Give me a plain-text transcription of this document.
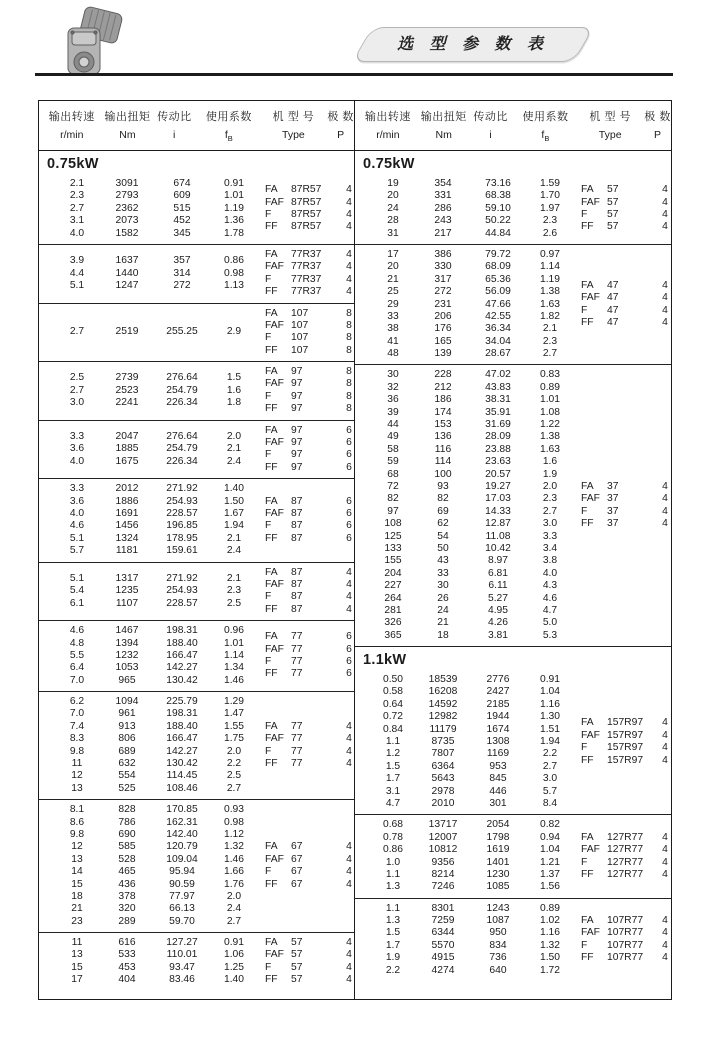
选 型 参 数 表
输出转速 输出扭矩 传动比	使用系数	机 型 号	极 数
r/min	Nm	i	$f_B$	Type	P
0.75kW
2.1	3091	674	0.91
2.3	2793	609	1.01
2.7	2362	515	1.19
3.1	2073	452	1.36
4.0	1582	345	1.78
FA	87R57	4
FAF 87R57	4
F	87R57	4
FF	87R57	4
3.9	1637	357	0.86
4.4	1440	314	0.98
5.1	1247	272	1.13
FA	77R37	4
FAF 77R37	4
F	77R37	4
FF	77R37	4
2.7	2519	255.25	2.9
FA	107	8
FAF 107	8
F	107	8
FF	107	8
2.5	2739	276.64	1.5
2.7	2523	254.79	1.6
3.0	2241	226.34	1.8
FA	97	8
FAF 97	8
F	97	8
FF	97	8
3.3	2047	276.64	2.0
3.6	1885	254.79	2.1
4.0	1675	226.34	2.4
FA	97	6
FAF 97	6
F	97	6
FF	97	6
3.3	2012	271.92	1.40
3.6	1886	254.93	1.50
4.0	1691	228.57	1.67
4.6	1456	196.85	1.94
5.1	1324	178.95	2.1
5.7	1181	159.61	2.4
FA	87	6
FAF 87	6
F	87	6
FF	87	6
5.1	1317	271.92	2.1
5.4	1235	254.93	2.3
6.1	1107	228.57	2.5
FA	87	4
FAF 87	4
F	87	4
FF	87	4
4.6	1467	198.31	0.96
4.8	1394	188.40	1.01
5.5	1232	166.47	1.14
6.4	1053	142.27	1.34
7.0	965	130.42	1.46
FA	77	6
FAF 77	6
F	77	6
FF	77	6
6.2	1094	225.79	1.29
7.0	961	198.31	1.47
7.4	913	188.40	1.55
8.3	806	166.47	1.75
9.8	689	142.27	2.0
11	632	130.42	2.2
12	554	114.45	2.5
13	525	108.46	2.7
FA	77	4
FAF 77	4
F	77	4
FF	77	4
8.1	828	170.85	0.93
8.6	786	162.31	0.98
9.8	690	142.40	1.12
12	585	120.79	1.32
13	528	109.04	1.46
14	465	95.94	1.66
15	436	90.59	1.76
18	378	77.97	2.0
21	320	66.13	2.4
23	289	59.70	2.7
FA	67	4
FAF 67	4
F	67	4
FF	67	4
11	616	127.27	0.91
13	533	110.01	1.06
15	453	93.47	1.25
17	404	83.46	1.40
FA	57	4
FAF 57	4
F	57	4
FF	57	4
输出转速 输出扭矩 传动比	使用系数	机 型 号	极 数
r/min	Nm	i	$f_B$	Type	P
0.75kW
19	354	73.16	1.59
20	331	68.38	1.70
24	286	59.10	1.97
28	243	50.22	2.3
31	217	44.84	2.6
FA	57	4
FAF 57	4
F	57	4
FF	57	4
17	386	79.72	0.97
20	330	68.09	1.14
21	317	65.36	1.19
25	272	56.09	1.38
29	231	47.66	1.63
33	206	42.55	1.82
38	176	36.34	2.1
41	165	34.04	2.3
48	139	28.67	2.7
FA	47	4
FAF 47	4
F	47	4
FF	47	4
30	228	47.02	0.83
32	212	43.83	0.89
36	186	38.31	1.01
39	174	35.91	1.08
44	153	31.69	1.22
49	136	28.09	1.38
58	116	23.88	1.63
59	114	23.63	1.6
68	100	20.57	1.9
72	93	19.27	2.0
82	82	17.03	2.3
97	69	14.33	2.7
108	62	12.87	3.0
125	54	11.08	3.3
133	50	10.42	3.4
155	43	8.97	3.8
204	33	6.81	4.0
227	30	6.11	4.3
264	26	5.27	4.6
281	24	4.95	4.7
326	21	4.26	5.0
365	18	3.81	5.3
FA	37	4
FAF 37	4
F	37	4
FF	37	4
1.1kW
0.50	18539	2776	0.91
0.58	16208	2427	1.04
0.64	14592	2185	1.16
0.72	12982	1944	1.30
0.84	11179	1674	1.51
1.1	8735	1308	1.94
1.2	7807	1169	2.2
1.5	6364	953	2.7
1.7	5643	845	3.0
3.1	2978	446	5.7
4.7	2010	301	8.4
FA	157R97	4
FAF 157R97	4
F	157R97	4
FF	157R97	4
0.68	13717	2054	0.82
0.78	12007	1798	0.94
0.86	10812	1619	1.04
1.0	9356	1401	1.21
1.1	8214	1230	1.37
1.3	7246	1085	1.56
FA	127R77	4
FAF 127R77	4
F	127R77	4
FF	127R77	4
1.1	8301	1243	0.89
1.3	7259	1087	1.02
1.5	6344	950	1.16
1.7	5570	834	1.32
1.9	4915	736	1.50
2.2	4274	640	1.72
FA	107R77	4
FAF 107R77	4
F	107R77	4
FF	107R77	4
